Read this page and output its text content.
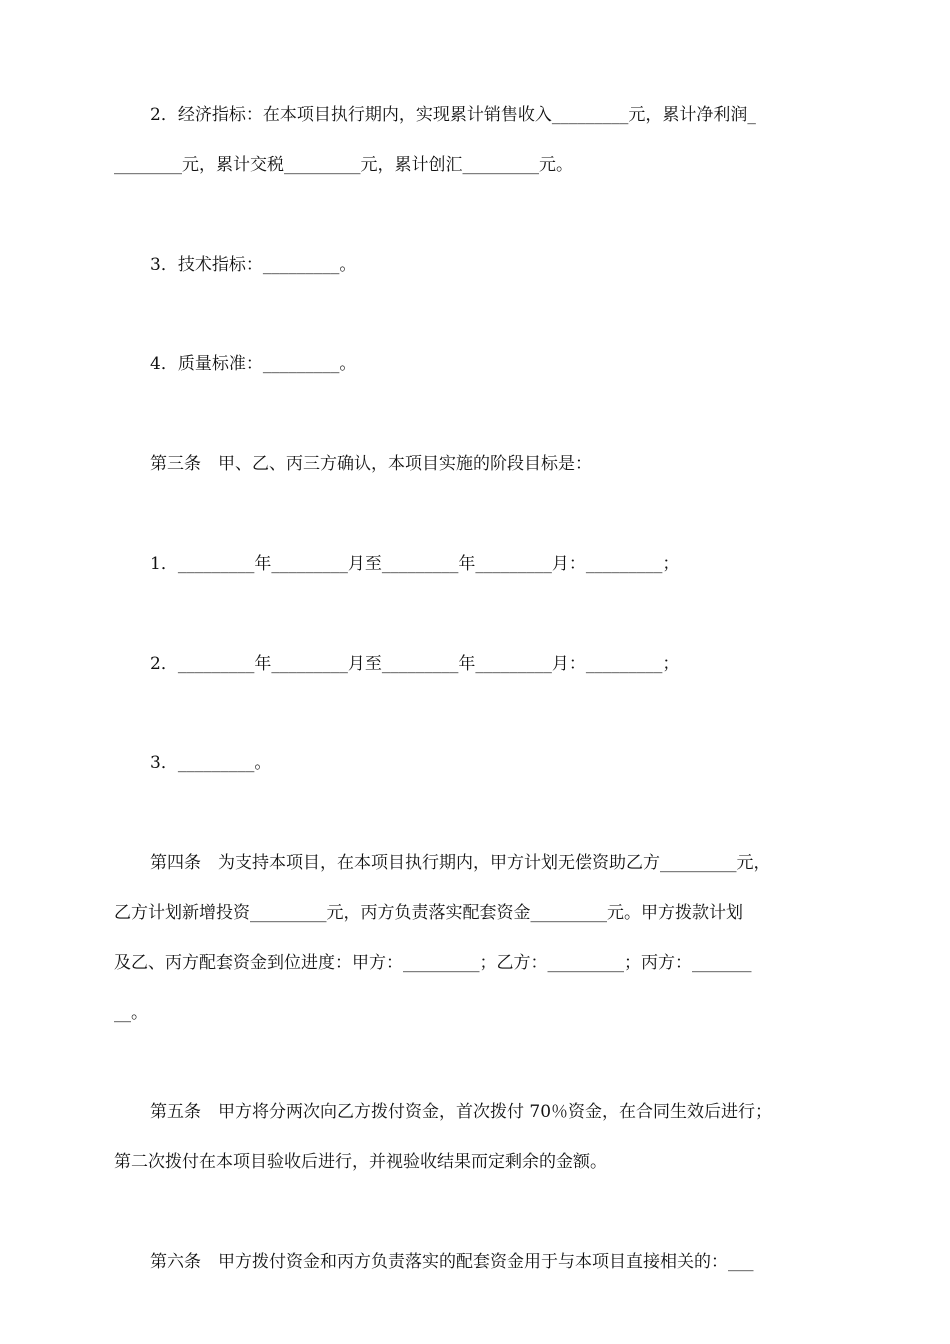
2．经济指标：在本项目执行期内，实现累计销售收入_________元，累计净利润_

________元，累计交税_________元，累计创汇_________元。

3．技术指标：_________。

4．质量标准：_________。

第三条　甲、乙、丙三方确认，本项目实施的阶段目标是：

1．_________年_________月至_________年_________月：_________；

2．_________年_________月至_________年_________月：_________；

3．_________。

第四条　为支持本项目，在本项目执行期内，甲方计划无偿资助乙方_________元，

乙方计划新增投资_________元，丙方负责落实配套资金_________元。甲方拨款计划

及乙、丙方配套资金到位进度：甲方：_________；乙方：_________；丙方：_______

__。

第五条　甲方将分两次向乙方拨付资金，首次拨付 70％资金，在合同生效后进行；

第二次拨付在本项目验收后进行，并视验收结果而定剩余的金额。

第六条　甲方拨付资金和丙方负责落实的配套资金用于与本项目直接相关的：___
